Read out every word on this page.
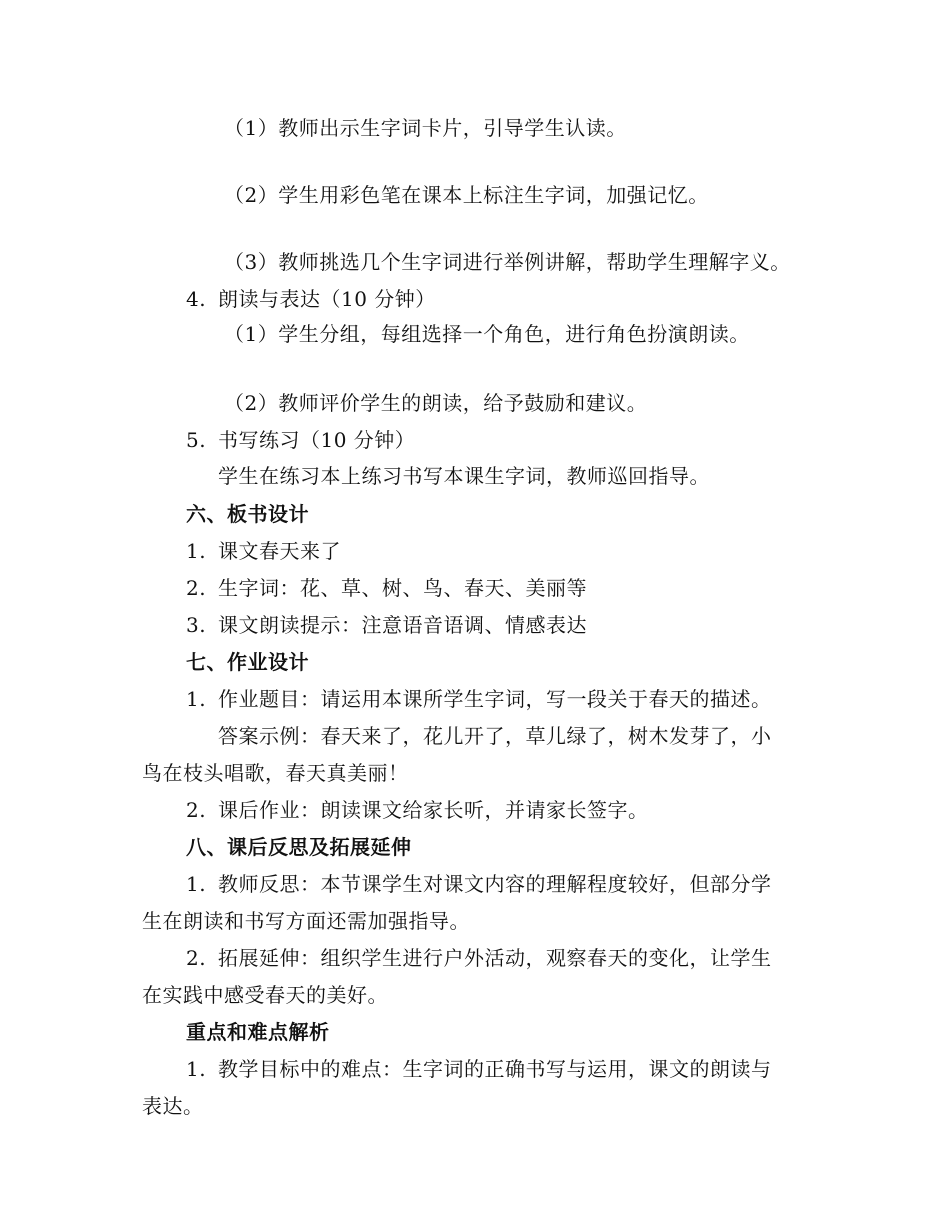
（1）教师出示生字词卡片，引导学生认读。
（2）学生用彩色笔在课本上标注生字词，加强记忆。
（3）教师挑选几个生字词进行举例讲解，帮助学生理解字义。
4. 朗读与表达（10 分钟）
（1）学生分组，每组选择一个角色，进行角色扮演朗读。
（2）教师评价学生的朗读，给予鼓励和建议。
5. 书写练习（10 分钟）
学生在练习本上练习书写本课生字词，教师巡回指导。
六、板书设计
1. 课文春天来了
2. 生字词：花、草、树、鸟、春天、美丽等
3. 课文朗读提示：注意语音语调、情感表达
七、作业设计
1. 作业题目：请运用本课所学生字词，写一段关于春天的描述。
答案示例：春天来了，花儿开了，草儿绿了，树木发芽了，小
鸟在枝头唱歌，春天真美丽！
2. 课后作业：朗读课文给家长听，并请家长签字。
八、课后反思及拓展延伸
1. 教师反思：本节课学生对课文内容的理解程度较好，但部分学
生在朗读和书写方面还需加强指导。
2. 拓展延伸：组织学生进行户外活动，观察春天的变化，让学生
在实践中感受春天的美好。
重点和难点解析
1. 教学目标中的难点：生字词的正确书写与运用，课文的朗读与
表达。
